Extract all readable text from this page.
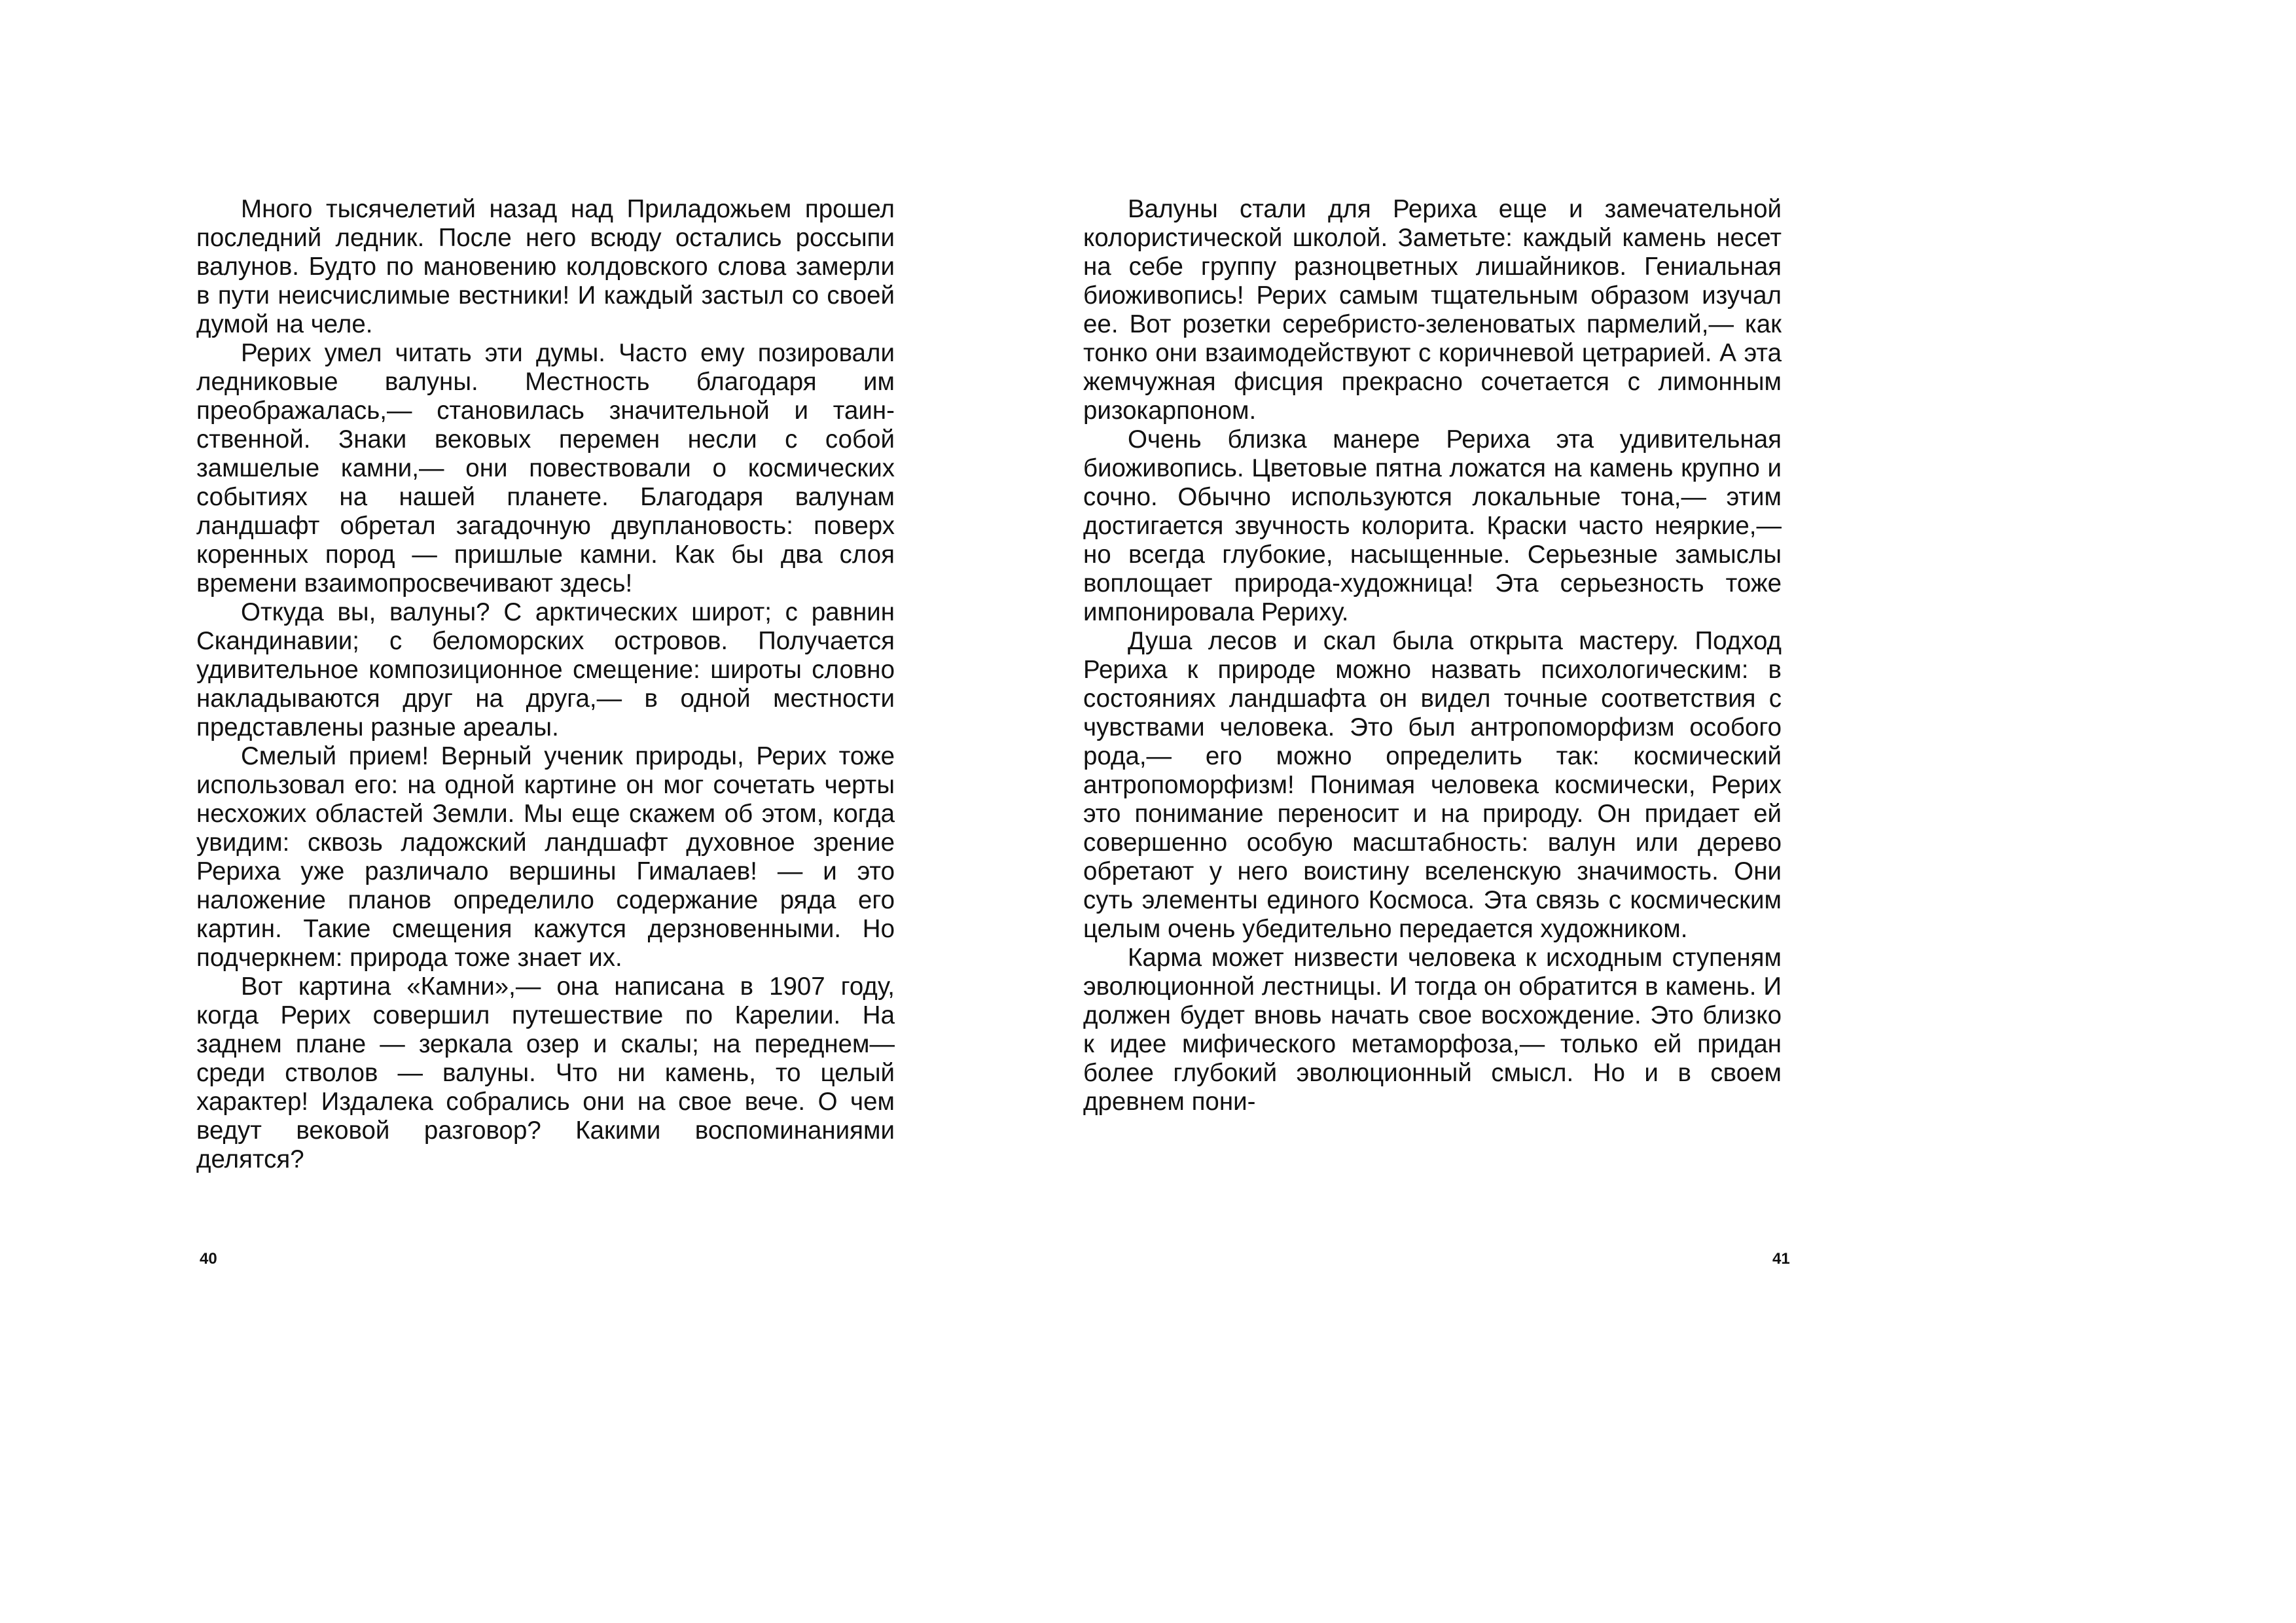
Много тысячелетий назад над Приладожьем прошел последний ледник. После него всюду остались россыпи валунов. Будто по мановению колдовского слова замерли в пути неисчислимые вестники! И каждый застыл со своей думой на челе.

Рерих умел читать эти думы. Часто ему позировали ледниковые валуны. Местность благодаря им преображалась,— становилась значительной и таинственной. Знаки вековых перемен несли с собой замшелые камни,— они повествовали о космических событиях на нашей планете. Благодаря валунам ландшафт обретал загадочную двуплановость: поверх коренных пород — пришлые камни. Как бы два слоя времени взаимопросвечивают здесь!

Откуда вы, валуны? С арктических широт; с равнин Скандинавии; с беломорских островов. Получается удивительное композиционное смещение: широты словно накладываются друг на друга,— в одной местности представлены разные ареалы.

Смелый прием! Верный ученик природы, Рерих тоже использовал его: на одной картине он мог сочетать черты несхожих областей Земли. Мы еще скажем об этом, когда увидим: сквозь ладожский ландшафт духовное зрение Рериха уже различало вершины Гималаев! — и это наложение планов определило содержание ряда его картин. Такие смещения кажутся дерзновенными. Но подчеркнем: природа тоже знает их.

Вот картина «Камни»,— она написана в 1907 году, когда Рерих совершил путешествие по Карелии. На заднем плане — зеркала озер и скалы; на переднем— среди стволов — валуны. Что ни камень, то целый характер! Издалека собрались они на свое вече. О чем ведут вековой разговор? Какими воспоминаниями делятся?

40

Валуны стали для Рериха еще и замечательной колористической школой. Заметьте: каждый камень несет на себе группу разноцветных лишайников. Гениальная биоживопись! Рерих самым тщательным образом изучал ее. Вот розетки серебристо-зеленоватых пармелий,— как тонко они взаимодействуют с коричневой цетрарией. А эта жемчужная фисция прекрасно сочетается с лимонным ризокарпоном.

Очень близка манере Рериха эта удивительная биоживопись. Цветовые пятна ложатся на камень крупно и сочно. Обычно используются локальные тона,— этим достигается звучность колорита. Краски часто неяркие,— но всегда глубокие, насыщенные. Серьезные замыслы воплощает природа-художница! Эта серьезность тоже импонировала Рериху.

Душа лесов и скал была открыта мастеру. Подход Рериха к природе можно назвать психологическим: в состояниях ландшафта он видел точные соответствия с чувствами человека. Это был антропоморфизм особого рода,— его можно определить так: космический антропоморфизм! Понимая человека космически, Рерих это понимание переносит и на природу. Он придает ей совершенно особую масштабность: валун или дерево обретают у него воистину вселенскую значимость. Они суть элементы единого Космоса. Эта связь с космическим целым очень убедительно передается художником.

Карма может низвести человека к исходным ступеням эволюционной лестницы. И тогда он обратится в камень. И должен будет вновь начать свое восхождение. Это близко к идее мифического метаморфоза,— только ей придан более глубокий эволюционный смысл. Но и в своем древнем пони-

41
